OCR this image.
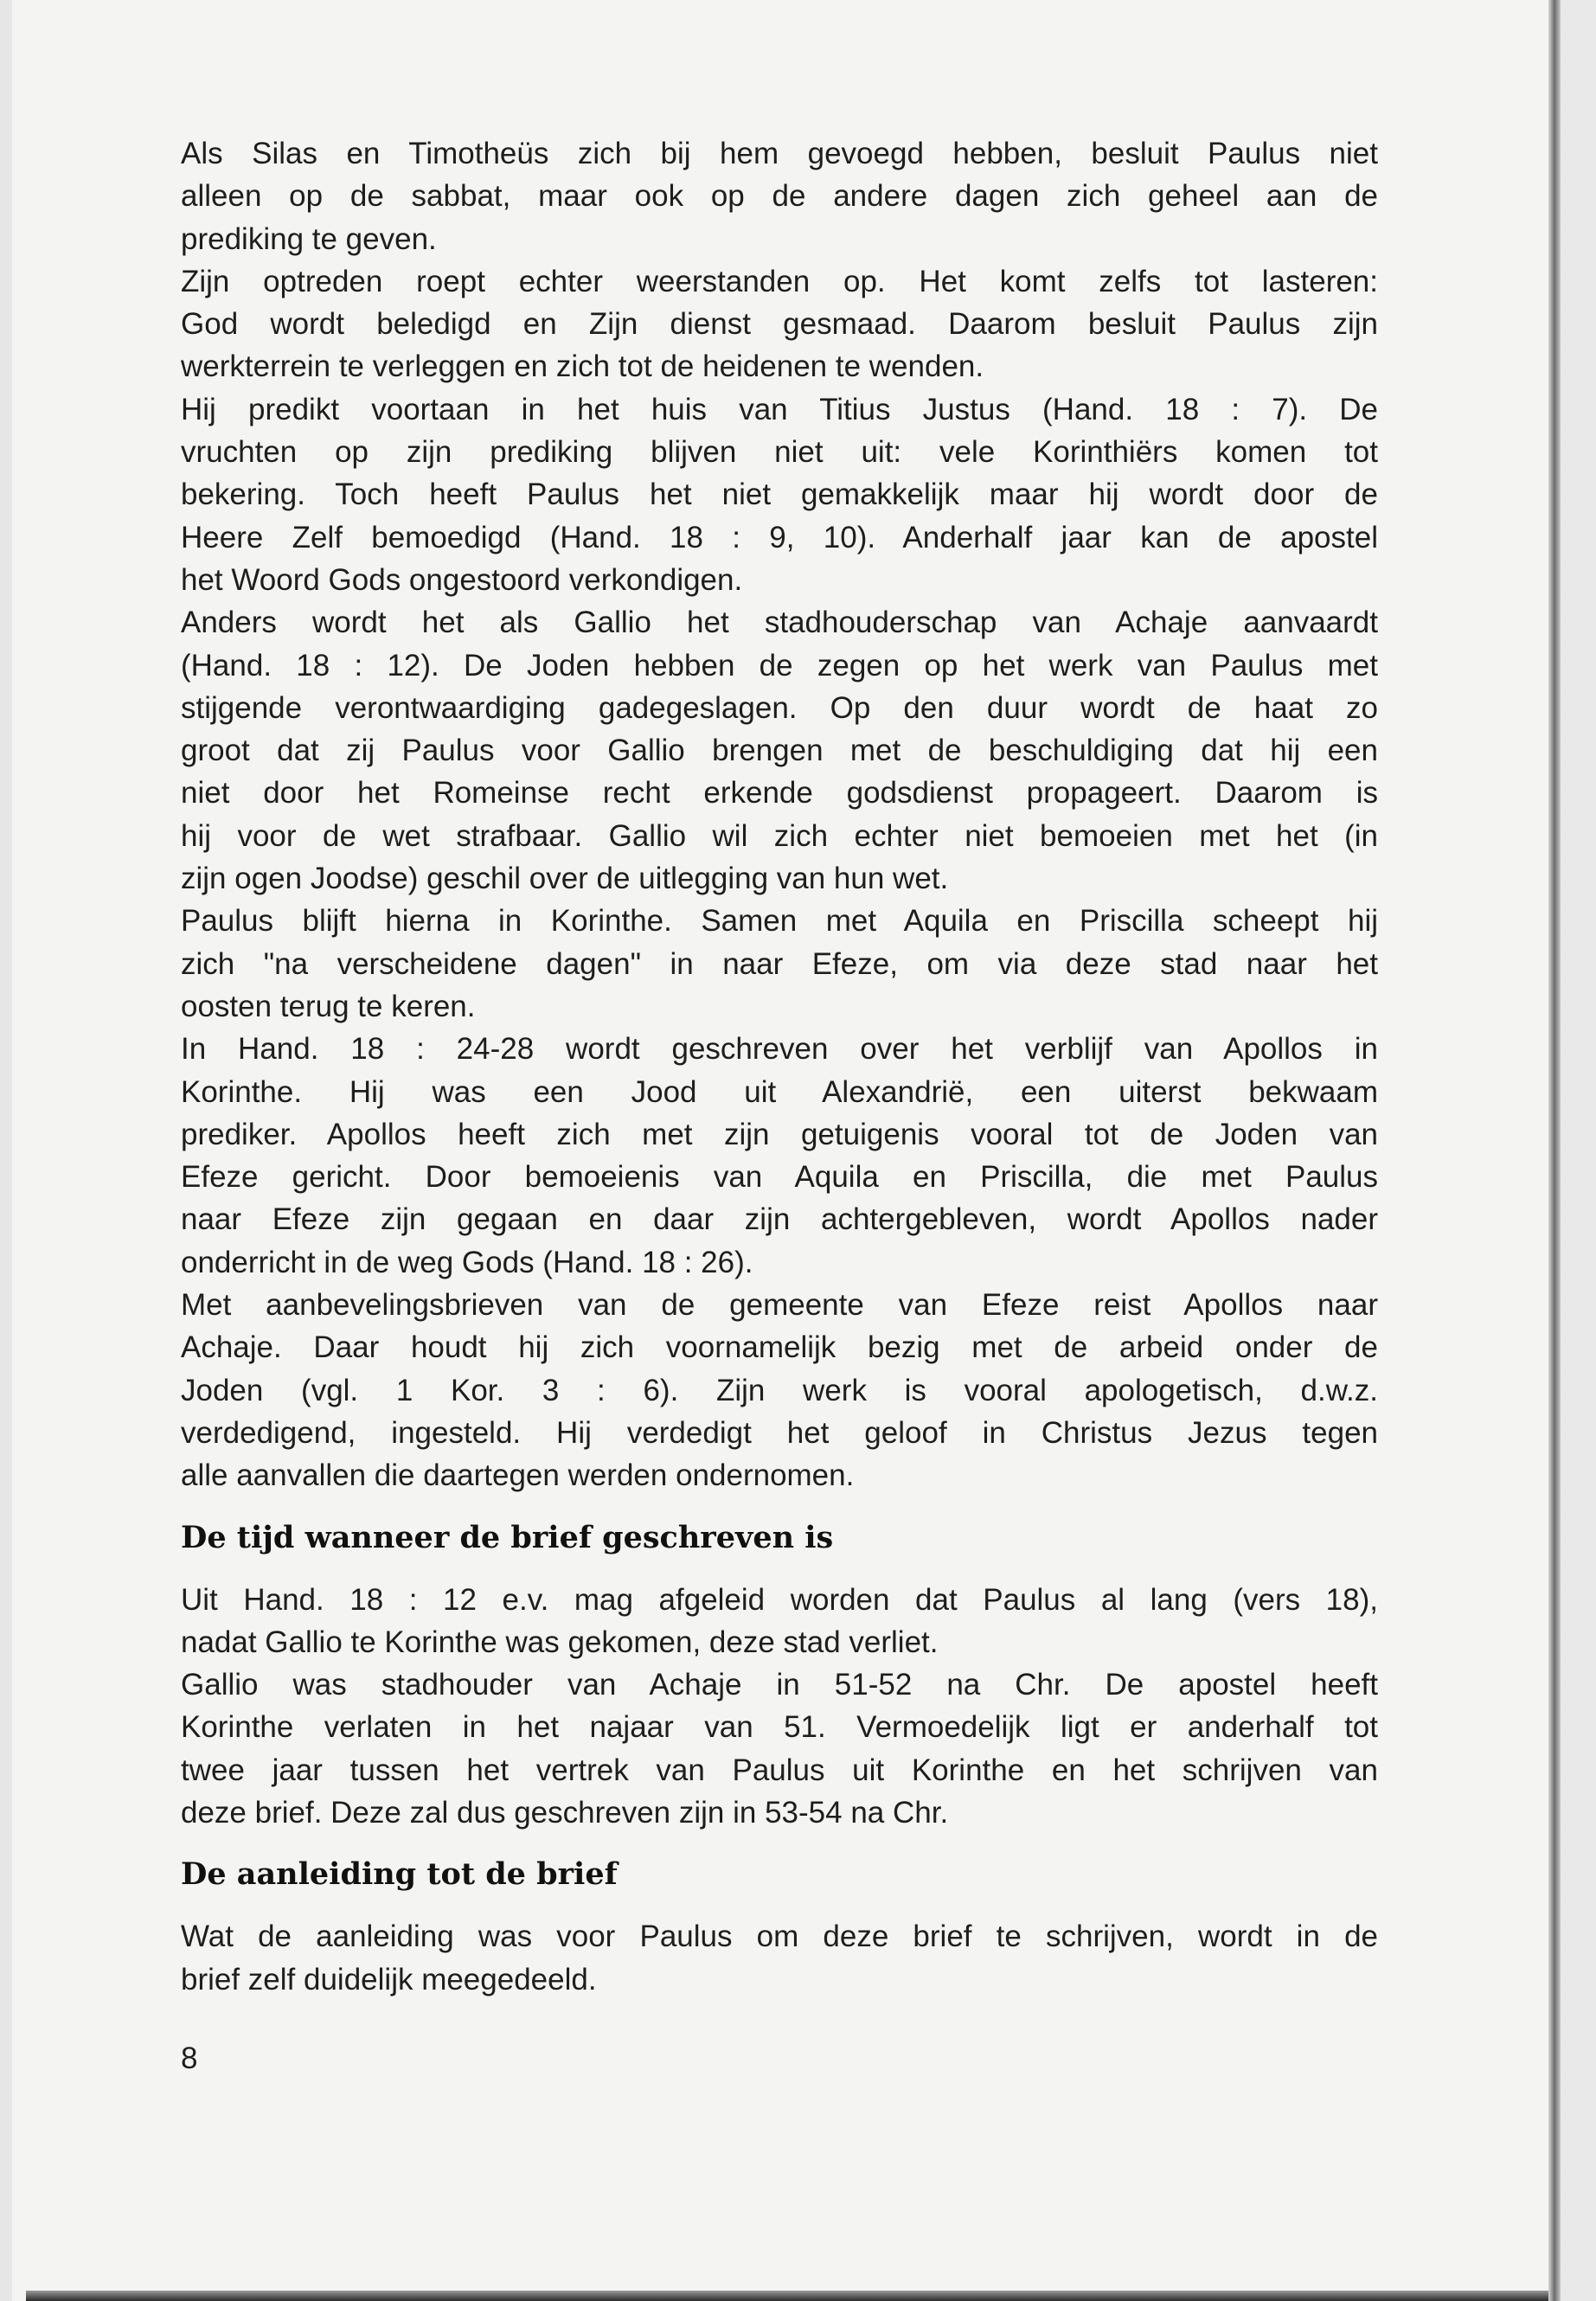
Als Silas en Timotheüs zich bij hem gevoegd hebben, besluit Paulus niet
alleen op de sabbat, maar ook op de andere dagen zich geheel aan de
prediking te geven.
Zijn optreden roept echter weerstanden op. Het komt zelfs tot lasteren:
God wordt beledigd en Zijn dienst gesmaad. Daarom besluit Paulus zijn
werkterrein te verleggen en zich tot de heidenen te wenden.
Hij predikt voortaan in het huis van Titius Justus (Hand. 18 : 7). De
vruchten op zijn prediking blijven niet uit: vele Korinthiërs komen tot
bekering. Toch heeft Paulus het niet gemakkelijk maar hij wordt door de
Heere Zelf bemoedigd (Hand. 18 : 9, 10). Anderhalf jaar kan de apostel
het Woord Gods ongestoord verkondigen.
Anders wordt het als Gallio het stadhouderschap van Achaje aanvaardt
(Hand. 18 : 12). De Joden hebben de zegen op het werk van Paulus met
stijgende verontwaardiging gadegeslagen. Op den duur wordt de haat zo
groot dat zij Paulus voor Gallio brengen met de beschuldiging dat hij een
niet door het Romeinse recht erkende godsdienst propageert. Daarom is
hij voor de wet strafbaar. Gallio wil zich echter niet bemoeien met het (in
zijn ogen Joodse) geschil over de uitlegging van hun wet.
Paulus blijft hierna in Korinthe. Samen met Aquila en Priscilla scheept hij
zich "na verscheidene dagen" in naar Efeze, om via deze stad naar het
oosten terug te keren.
In Hand. 18 : 24-28 wordt geschreven over het verblijf van Apollos in
Korinthe. Hij was een Jood uit Alexandrië, een uiterst bekwaam
prediker. Apollos heeft zich met zijn getuigenis vooral tot de Joden van
Efeze gericht. Door bemoeienis van Aquila en Priscilla, die met Paulus
naar Efeze zijn gegaan en daar zijn achtergebleven, wordt Apollos nader
onderricht in de weg Gods (Hand. 18 : 26).
Met aanbevelingsbrieven van de gemeente van Efeze reist Apollos naar
Achaje. Daar houdt hij zich voornamelijk bezig met de arbeid onder de
Joden (vgl. 1 Kor. 3 : 6). Zijn werk is vooral apologetisch, d.w.z.
verdedigend, ingesteld. Hij verdedigt het geloof in Christus Jezus tegen
alle aanvallen die daartegen werden ondernomen.
De tijd wanneer de brief geschreven is
Uit Hand. 18 : 12 e.v. mag afgeleid worden dat Paulus al lang (vers 18),
nadat Gallio te Korinthe was gekomen, deze stad verliet.
Gallio was stadhouder van Achaje in 51-52 na Chr. De apostel heeft
Korinthe verlaten in het najaar van 51. Vermoedelijk ligt er anderhalf tot
twee jaar tussen het vertrek van Paulus uit Korinthe en het schrijven van
deze brief. Deze zal dus geschreven zijn in 53-54 na Chr.
De aanleiding tot de brief
Wat de aanleiding was voor Paulus om deze brief te schrijven, wordt in de
brief zelf duidelijk meegedeeld.
8
